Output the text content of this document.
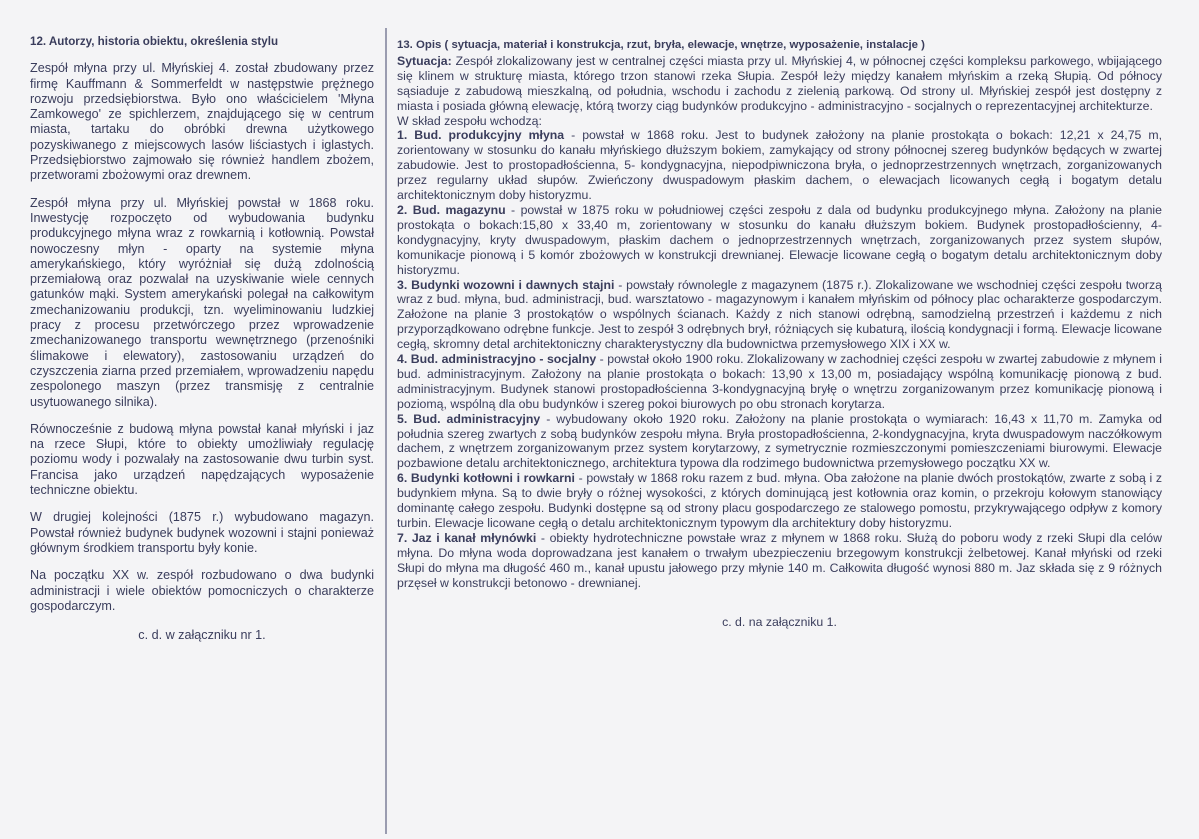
12. Autorzy, historia obiektu, określenia stylu

Zespół młyna przy ul. Młyńskiej 4. został zbudowany przez firmę Kauffmann & Sommerfeldt w następstwie prężnego rozwoju przedsiębiorstwa. Było ono właścicielem 'Młyna Zamkowego' ze spichlerzem, znajdującego się w centrum miasta, tartaku do obróbki drewna użytkowego pozyskiwanego z miejscowych lasów liściastych i iglastych. Przedsiębiorstwo zajmowało się również handlem zbożem, przetworami zbożowymi oraz drewnem.

Zespół młyna przy ul. Młyńskiej powstał w 1868 roku. Inwestycję rozpoczęto od wybudowania budynku produkcyjnego młyna wraz z rowkarnią i kotłownią. Powstał nowoczesny młyn - oparty na systemie młyna amerykańskiego, który wyróżniał się dużą zdolnością przemiałową oraz pozwalał na uzyskiwanie wiele cennych gatunków mąki. System amerykański polegał na całkowitym zmechanizowaniu produkcji, tzn. wyeliminowaniu ludzkiej pracy z procesu przetwórczego przez wprowadzenie zmechanizowanego transportu wewnętrznego (przenośniki ślimakowe i elewatory), zastosowaniu urządzeń do czyszczenia ziarna przed przemiałem, wprowadzeniu napędu zespolonego maszyn (przez transmisję z centralnie usytuowanego silnika).

Równocześnie z budową młyna powstał kanał młyński i jaz na rzece Słupi, które to obiekty umożliwiały regulację poziomu wody i pozwalały na zastosowanie dwu turbin syst. Francisa jako urządzeń napędzających wyposażenie techniczne obiektu.

W drugiej kolejności (1875 r.) wybudowano magazyn. Powstał również budynek budynek wozowni i stajni ponieważ głównym środkiem transportu były konie.

Na początku XX w. zespół rozbudowano o dwa budynki administracji i wiele obiektów pomocniczych o charakterze gospodarczym.

c. d. w załączniku nr 1.
13. Opis ( sytuacja, materiał i konstrukcja, rzut, bryła, elewacje, wnętrze, wyposażenie, instalacje )

Sytuacja: Zespół zlokalizowany jest w centralnej części miasta przy ul. Młyńskiej 4, w północnej części kompleksu parkowego, wbijającego się klinem w strukturę miasta, którego trzon stanowi rzeka Słupia. Zespół leży między kanałem młyńskim a rzeką Słupią. Od północy sąsiaduje z zabudową mieszkalną, od południa, wschodu i zachodu z zielenią parkową. Od strony ul. Młyńskiej zespół jest dostępny z miasta i posiada główną elewację, którą tworzy ciąg budynków produkcyjno - administracyjno - socjalnych o reprezentacyjnej architekturze.

W skład zespołu wchodzą:

1. Bud. produkcyjny młyna - powstał w 1868 roku. Jest to budynek założony na planie prostokąta o bokach: 12,21 x 24,75 m, zorientowany w stosunku do kanału młyńskiego dłuższym bokiem, zamykający od strony północnej szereg budynków będących w zwartej zabudowie. Jest to prostopadłościenna, 5- kondygnacyjna, niepodpiwniczona bryła, o jednoprzestrzennych wnętrzach, zorganizowanych przez regularny układ słupów. Zwieńczony dwuspadowym płaskim dachem, o elewacjach licowanych cegłą i bogatym detalu architektonicznym doby historyzmu.

2. Bud. magazynu - powstał w 1875 roku w południowej części zespołu z dala od budynku produkcyjnego młyna. Założony na planie prostokąta o bokach:15,80 x 33,40 m, zorientowany w stosunku do kanału dłuższym bokiem. Budynek prostopadłościenny, 4-kondygnacyjny, kryty dwuspadowym, płaskim dachem o jednoprzestrzennych wnętrzach, zorganizowanych przez system słupów, komunikacje pionową i 5 komór zbożowych w konstrukcji drewnianej. Elewacje licowane cegłą o bogatym detalu architektonicznym doby historyzmu.

3. Budynki wozowni i dawnych stajni - powstały równolegle z magazynem (1875 r.). Zlokalizowane we wschodniej części zespołu tworzą wraz z bud. młyna, bud. administracji, bud. warsztatowo - magazynowym i kanałem młyńskim od północy plac ocharakterze gospodarczym. Założone na planie 3 prostokątów o wspólnych ścianach. Każdy z nich stanowi odrębną, samodzielną przestrzeń i każdemu z nich przyporządkowano odrębne funkcje. Jest to zespół 3 odrębnych brył, różniących się kubaturą, ilością kondygnacji i formą. Elewacje licowane cegłą, skromny detal architektoniczny charakterystyczny dla budownictwa przemysłowego XIX i XX w.

4. Bud. administracyjno - socjalny - powstał około 1900 roku. Zlokalizowany w zachodniej części zespołu w zwartej zabudowie z młynem i bud. administracyjnym. Założony na planie prostokąta o bokach: 13,90 x 13,00 m, posiadający wspólną komunikację pionową z bud. administracyjnym. Budynek stanowi prostopadłościenna 3-kondygnacyjną bryłę o wnętrzu zorganizowanym przez komunikację pionową i poziomą, wspólną dla obu budynków i szereg pokoi biurowych po obu stronach korytarza.

5. Bud. administracyjny - wybudowany około 1920 roku. Założony na planie prostokąta o wymiarach: 16,43 x 11,70 m. Zamyka od południa szereg zwartych z sobą budynków zespołu młyna. Bryła prostopadłościenna, 2-kondygnacyjna, kryta dwuspadowym naczółkowym dachem, z wnętrzem zorganizowanym przez system korytarzowy, z symetrycznie rozmieszczonymi pomieszczeniami biurowymi. Elewacje pozbawione detalu architektonicznego, architektura typowa dla rodzimego budownictwa przemysłowego początku XX w.

6. Budynki kotłowni i rowkarni - powstały w 1868 roku razem z bud. młyna. Oba założone na planie dwóch prostokątów, zwarte z sobą i z budynkiem młyna. Są to dwie bryły o różnej wysokości, z których dominującą jest kotłownia oraz komin, o przekroju kołowym stanowiący dominantę całego zespołu. Budynki dostępne są od strony placu gospodarczego ze stalowego pomostu, przykrywającego odpływ z komory turbin. Elewacje licowane cegłą o detalu architektonicznym typowym dla architektury doby historyzmu.

7. Jaz i kanał młynówki - obiekty hydrotechniczne powstałe wraz z młynem w 1868 roku. Służą do poboru wody z rzeki Słupi dla celów młyna. Do młyna woda doprowadzana jest kanałem o trwałym ubezpieczeniu brzegowym konstrukcji żelbetowej. Kanał młyński od rzeki Słupi do młyna ma długość 460 m., kanał upustu jałowego przy młynie 140 m. Całkowita długość wynosi 880 m. Jaz składa się z 9 różnych przęseł w konstrukcji betonowo - drewnianej.

c. d. na załączniku 1.
